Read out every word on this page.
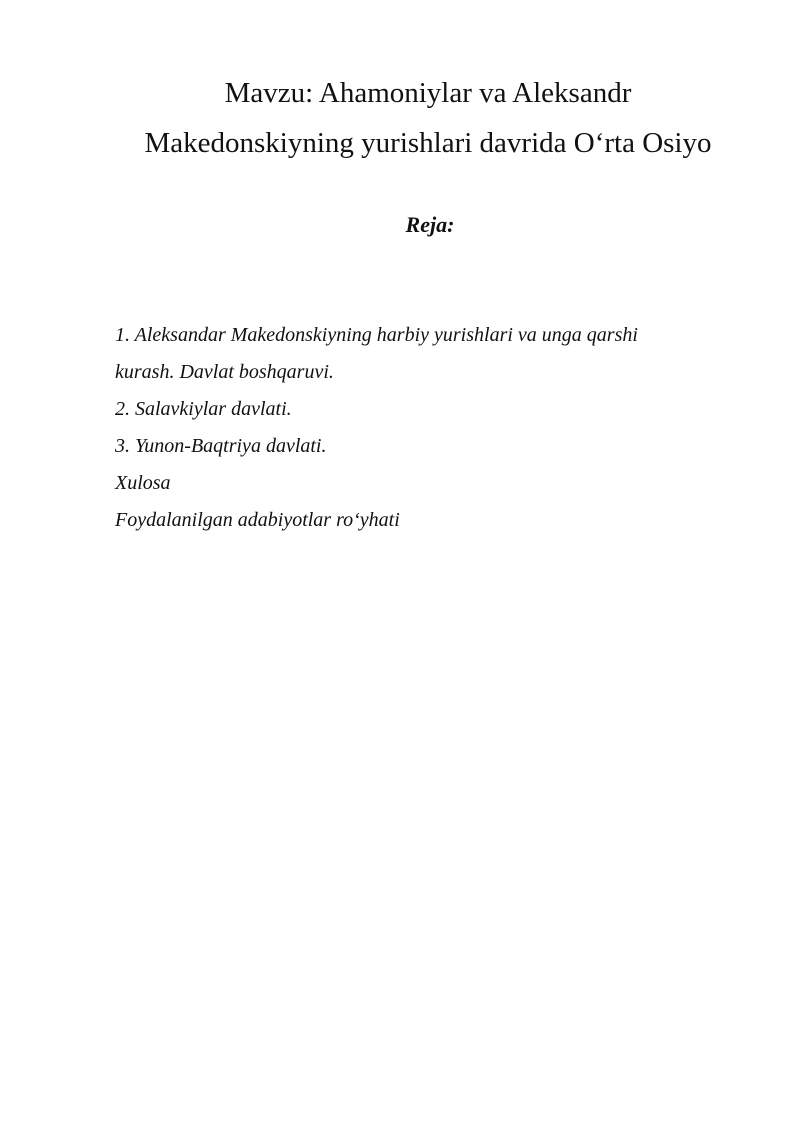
Mavzu: Ahamoniylar va Aleksandr
Makedonskiyning yurishlari davrida O‘rta Osiyo
Reja:
1. Aleksandar Makedonskiyning harbiy yurishlari va unga qarshi
kurash. Davlat boshqaruvi.
2. Salavkiylar davlati.
3. Yunon-Baqtriya davlati.
Xulosa
Foydalanilgan adabiyotlar ro‘yhati
